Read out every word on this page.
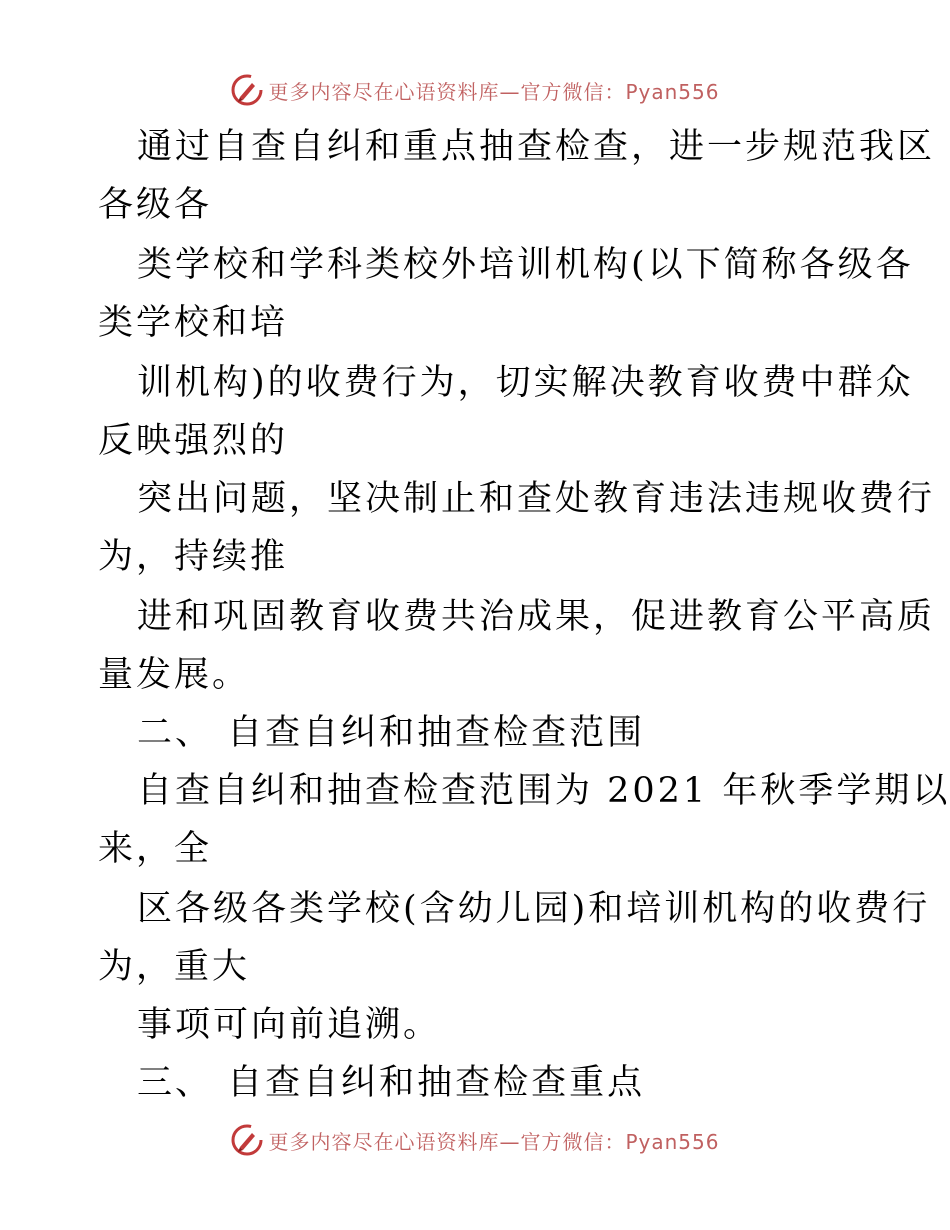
更多内容尽在心语资料库—官方微信：Pyan556
通过自查自纠和重点抽查检查，进一步规范我区
各级各
类学校和学科类校外培训机构(以下简称各级各
类学校和培
训机构)的收费行为，切实解决教育收费中群众
反映强烈的
突出问题，坚决制止和查处教育违法违规收费行
为，持续推
进和巩固教育收费共治成果，促进教育公平高质
量发展。
二、 自查自纠和抽查检查范围
自查自纠和抽查检查范围为 2021 年秋季学期以
来，全
区各级各类学校(含幼儿园)和培训机构的收费行
为，重大
事项可向前追溯。
三、 自查自纠和抽查检查重点
更多内容尽在心语资料库—官方微信：Pyan556
